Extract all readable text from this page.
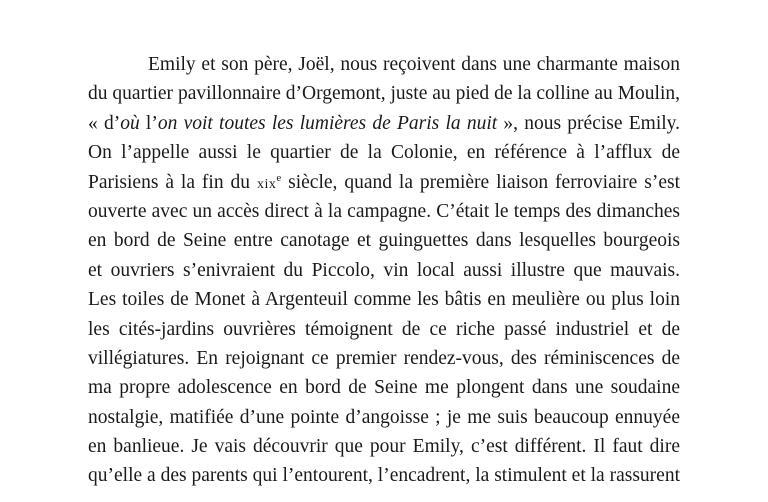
Emily et son père, Joël, nous reçoivent dans une charmante maison
du quartier pavillonnaire d’Orgemont, juste au pied de la colline au Moulin,
« d’où l’on voit toutes les lumières de Paris la nuit », nous précise Emily.
On l’appelle aussi le quartier de la Colonie, en référence à l’afflux de
Parisiens à la fin du xix$^e$ siècle, quand la première liaison ferroviaire s’est
ouverte avec un accès direct à la campagne. C’était le temps des dimanches
en bord de Seine entre canotage et guinguettes dans lesquelles bourgeois
et ouvriers s’enivraient du Piccolo, vin local aussi illustre que mauvais.
Les toiles de Monet à Argenteuil comme les bâtis en meulière ou plus loin
les cités-jardins ouvrières témoignent de ce riche passé industriel et de
villégiatures. En rejoignant ce premier rendez-vous, des réminiscences de
ma propre adolescence en bord de Seine me plongent dans une soudaine
nostalgie, matifiée d’une pointe d’angoisse ; je me suis beaucoup ennuyée
en banlieue. Je vais découvrir que pour Emily, c’est différent. Il faut dire
qu’elle a des parents qui l’entourent, l’encadrent, la stimulent et la rassurent
